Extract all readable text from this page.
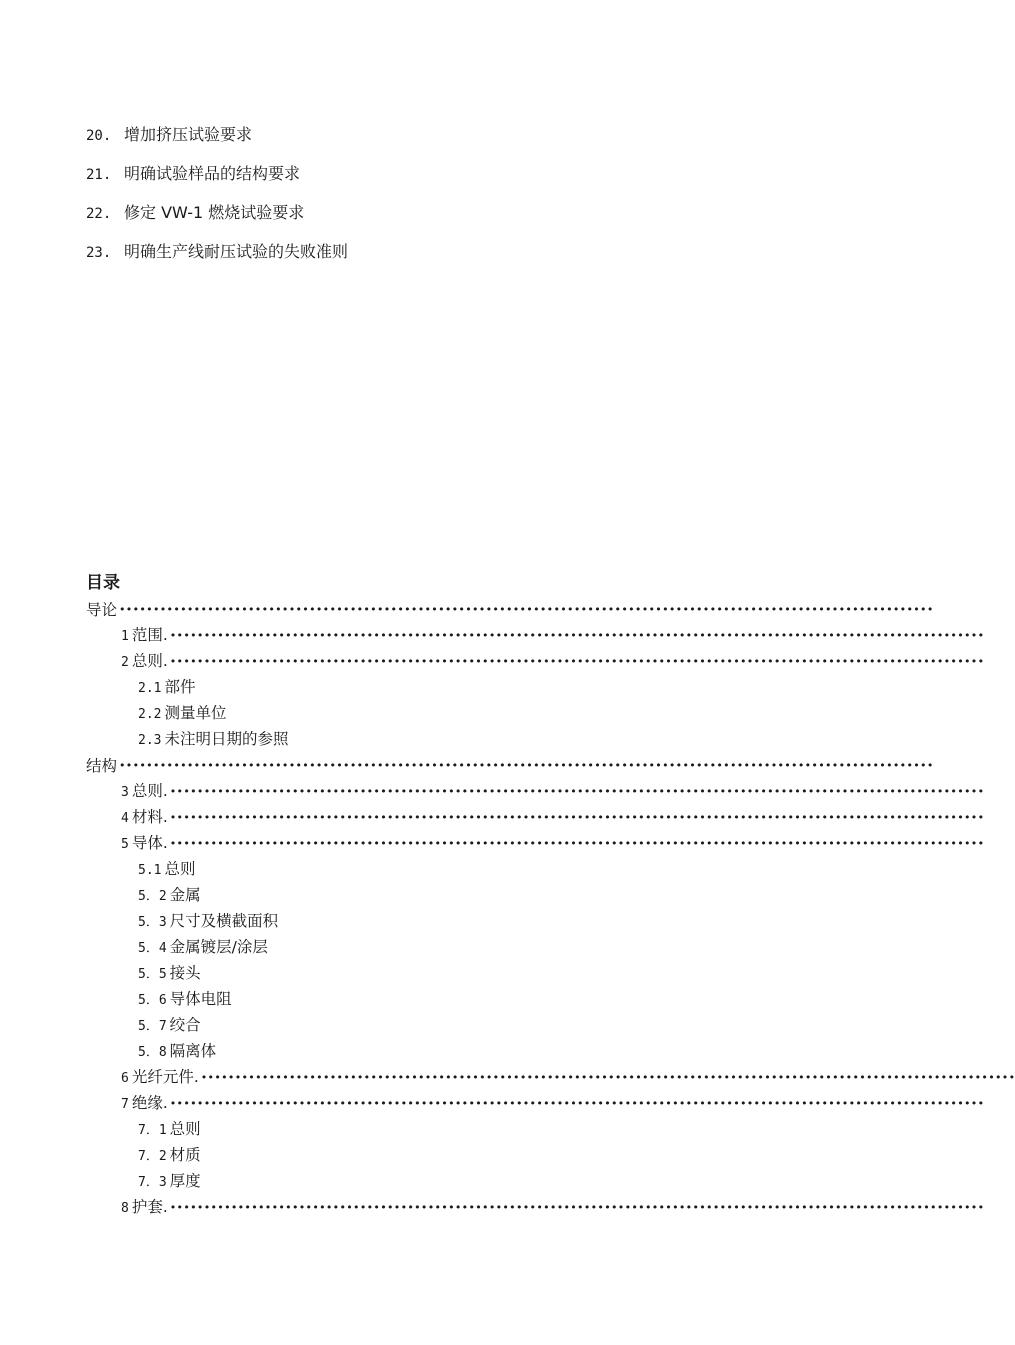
20. 增加挤压试验要求
21. 明确试验样品的结构要求
22. 修定 VW-1 燃烧试验要求
23. 明确生产线耐压试验的失败准则
目录
导论 ••••••••••••••••••••••••••••••••••••••••••••••••••••••••••••••••••••••••••••••••••••••••••••••••••••••••••••••••••••••••
1 范围. ••••••••••••••••••••••••••••••••••••••••••••••••••••••••••••••••••••••••••••••••••••••••••••••••••••••••••••••••••••••••
2 总则. ••••••••••••••••••••••••••••••••••••••••••••••••••••••••••••••••••••••••••••••••••••••••••••••••••••••••••••••••••••••••
2.1 部件
2.2 测量单位
2.3 未注明日期的参照
结构 ••••••••••••••••••••••••••••••••••••••••••••••••••••••••••••••••••••••••••••••••••••••••••••••••••••••••••••••••••••••••
3 总则. ••••••••••••••••••••••••••••••••••••••••••••••••••••••••••••••••••••••••••••••••••••••••••••••••••••••••••••••••••••••••
4 材料. ••••••••••••••••••••••••••••••••••••••••••••••••••••••••••••••••••••••••••••••••••••••••••••••••••••••••••••••••••••••••
5 导体. ••••••••••••••••••••••••••••••••••••••••••••••••••••••••••••••••••••••••••••••••••••••••••••••••••••••••••••••••••••••••
5.1 总则
5．2 金属
5．3 尺寸及横截面积
5．4 金属镀层/涂层
5．5 接头
5．6 导体电阻
5．7 绞合
5．8 隔离体
6 光纤元件. ••••••••••••••••••••••••••••••••••••••••••••••••••••••••••••••••••••••••••••••••••••••••••••••••••••••••••••••••••••••••
7 绝缘. ••••••••••••••••••••••••••••••••••••••••••••••••••••••••••••••••••••••••••••••••••••••••••••••••••••••••••••••••••••••••
7．1 总则
7．2 材质
7．3 厚度
8 护套. ••••••••••••••••••••••••••••••••••••••••••••••••••••••••••••••••••••••••••••••••••••••••••••••••••••••••••••••••••••••••
